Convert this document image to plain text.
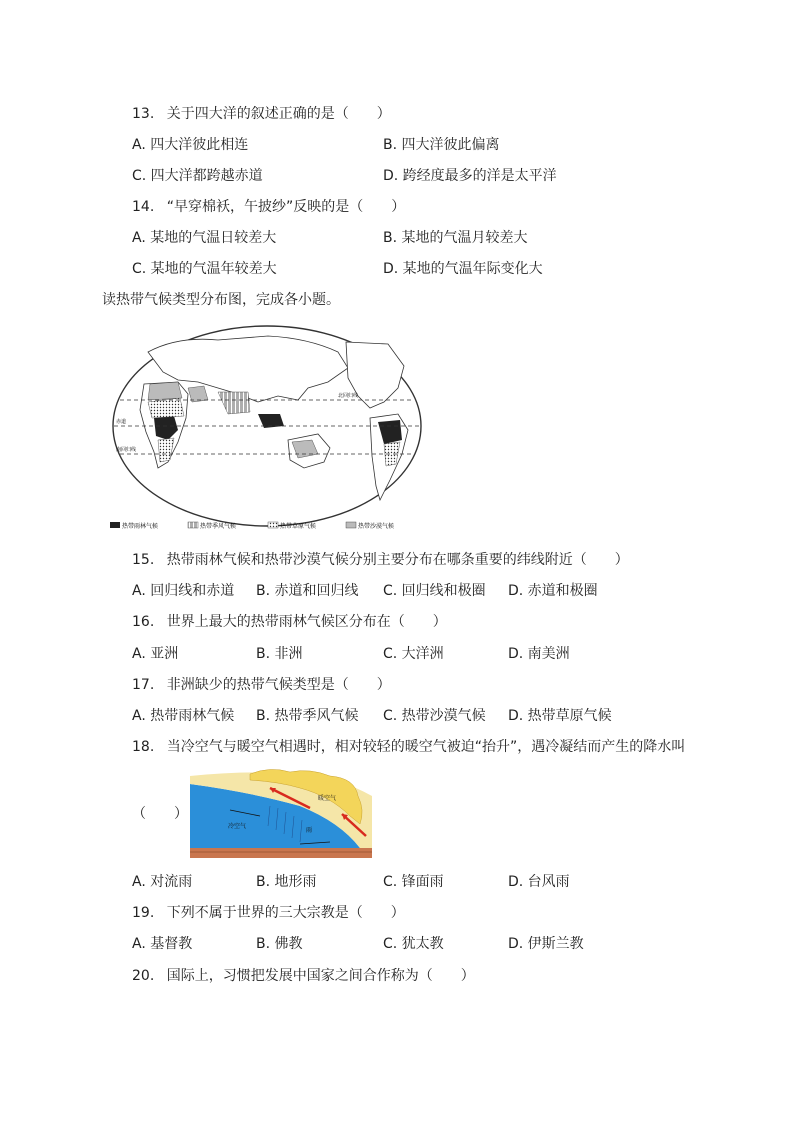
13. 关于四大洋的叙述正确的是（　　）
A. 四大洋彼此相连	B. 四大洋彼此偏离
C. 四大洋都跨越赤道	D. 跨经度最多的洋是太平洋
14. “早穿棉袄，午披纱”反映的是（　　）
A. 某地的气温日较差大	B. 某地的气温月较差大
C. 某地的气温年较差大	D. 某地的气温年际变化大
读热带气候类型分布图，完成各小题。
北回归线
赤道
南回归线
热带雨林气候	热带季风气候	热带草原气候	热带沙漠气候
15. 热带雨林气候和热带沙漠气候分别主要分布在哪条重要的纬线附近（　　）
A. 回归线和赤道 B. 赤道和回归线 C. 回归线和极圈 D. 赤道和极圈
16. 世界上最大的热带雨林气候区分布在（　　）
A. 亚洲	B. 非洲	C. 大洋洲	D. 南美洲
17. 非洲缺少的热带气候类型是（　　）
A. 热带雨林气候 B. 热带季风气候 C. 热带沙漠气候 D. 热带草原气候
18. 当冷空气与暖空气相遇时，相对较轻的暖空气被迫“抬升”，遇冷凝结而产生的降水叫
（　　）
冷空气
暖空气
雨
A. 对流雨	B. 地形雨	C. 锋面雨	D. 台风雨
19. 下列不属于世界的三大宗教是（　　）
A. 基督教	B. 佛教	C. 犹太教	D. 伊斯兰教
20. 国际上，习惯把发展中国家之间合作称为（　　）
